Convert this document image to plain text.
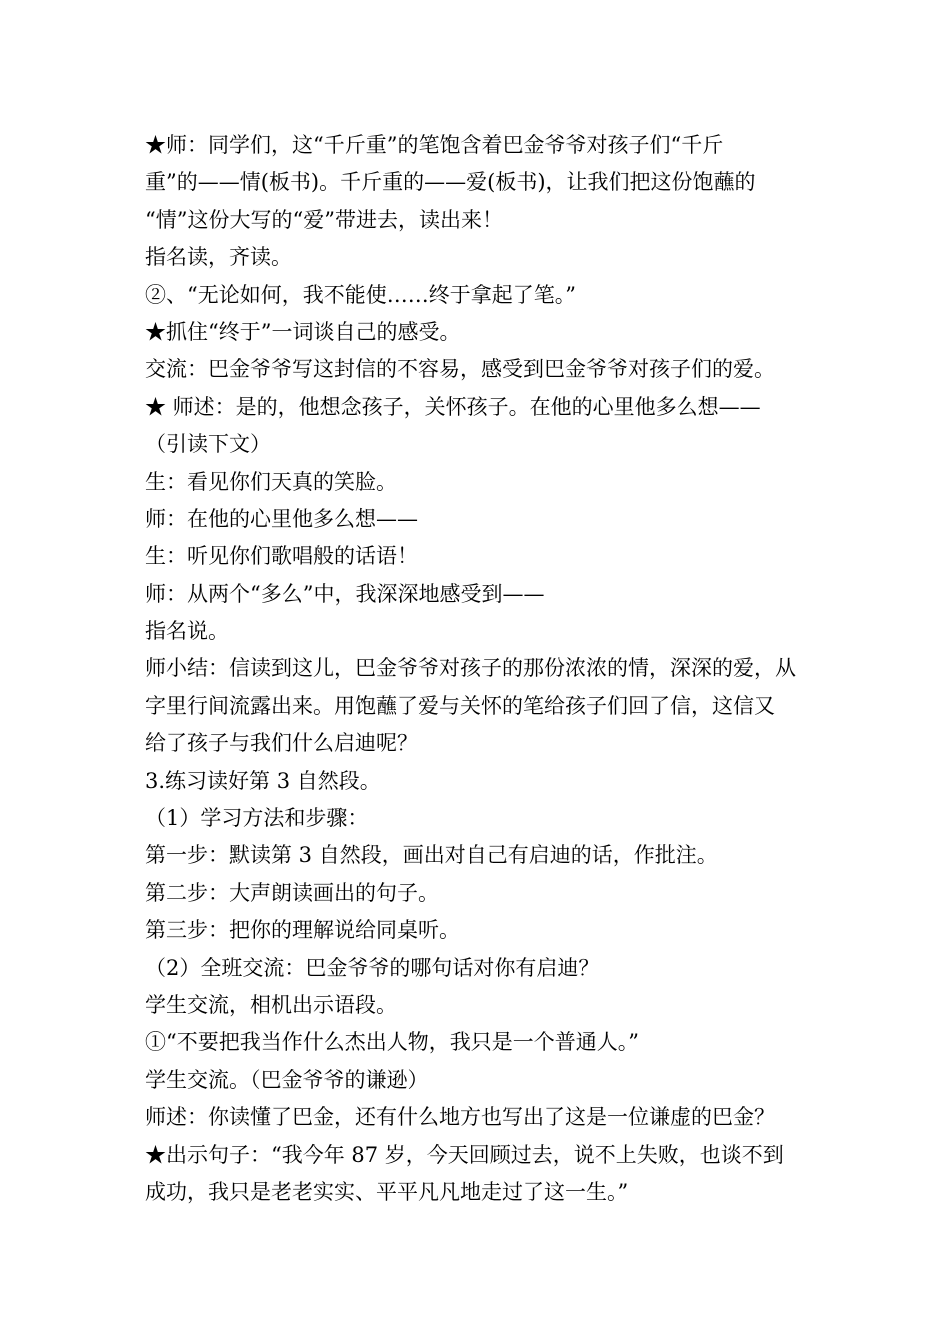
★师：同学们，这“千斤重”的笔饱含着巴金爷爷对孩子们“千斤
重”的——情(板书)。千斤重的——爱(板书)，让我们把这份饱蘸的
“情”这份大写的“爱”带进去，读出来！
指名读，齐读。
②、“无论如何，我不能使……终于拿起了笔。”
★抓住“终于”一词谈自己的感受。
交流：巴金爷爷写这封信的不容易，感受到巴金爷爷对孩子们的爱。
★ 师述：是的，他想念孩子，关怀孩子。在他的心里他多么想——
（引读下文）
生：看见你们天真的笑脸。
师：在他的心里他多么想——
生：听见你们歌唱般的话语！
师：从两个“多么”中，我深深地感受到——
指名说。
师小结：信读到这儿，巴金爷爷对孩子的那份浓浓的情，深深的爱，从
字里行间流露出来。用饱蘸了爱与关怀的笔给孩子们回了信，这信又
给了孩子与我们什么启迪呢？
3.练习读好第 3 自然段。
（1）学习方法和步骤：
第一步：默读第 3 自然段，画出对自己有启迪的话，作批注。
第二步：大声朗读画出的句子。
第三步：把你的理解说给同桌听。
（2）全班交流：巴金爷爷的哪句话对你有启迪？
学生交流，相机出示语段。
①“不要把我当作什么杰出人物，我只是一个普通人。”
学生交流。（巴金爷爷的谦逊）
师述：你读懂了巴金，还有什么地方也写出了这是一位谦虚的巴金？
★出示句子：“我今年 87 岁，今天回顾过去，说不上失败，也谈不到
成功，我只是老老实实、平平凡凡地走过了这一生。”
